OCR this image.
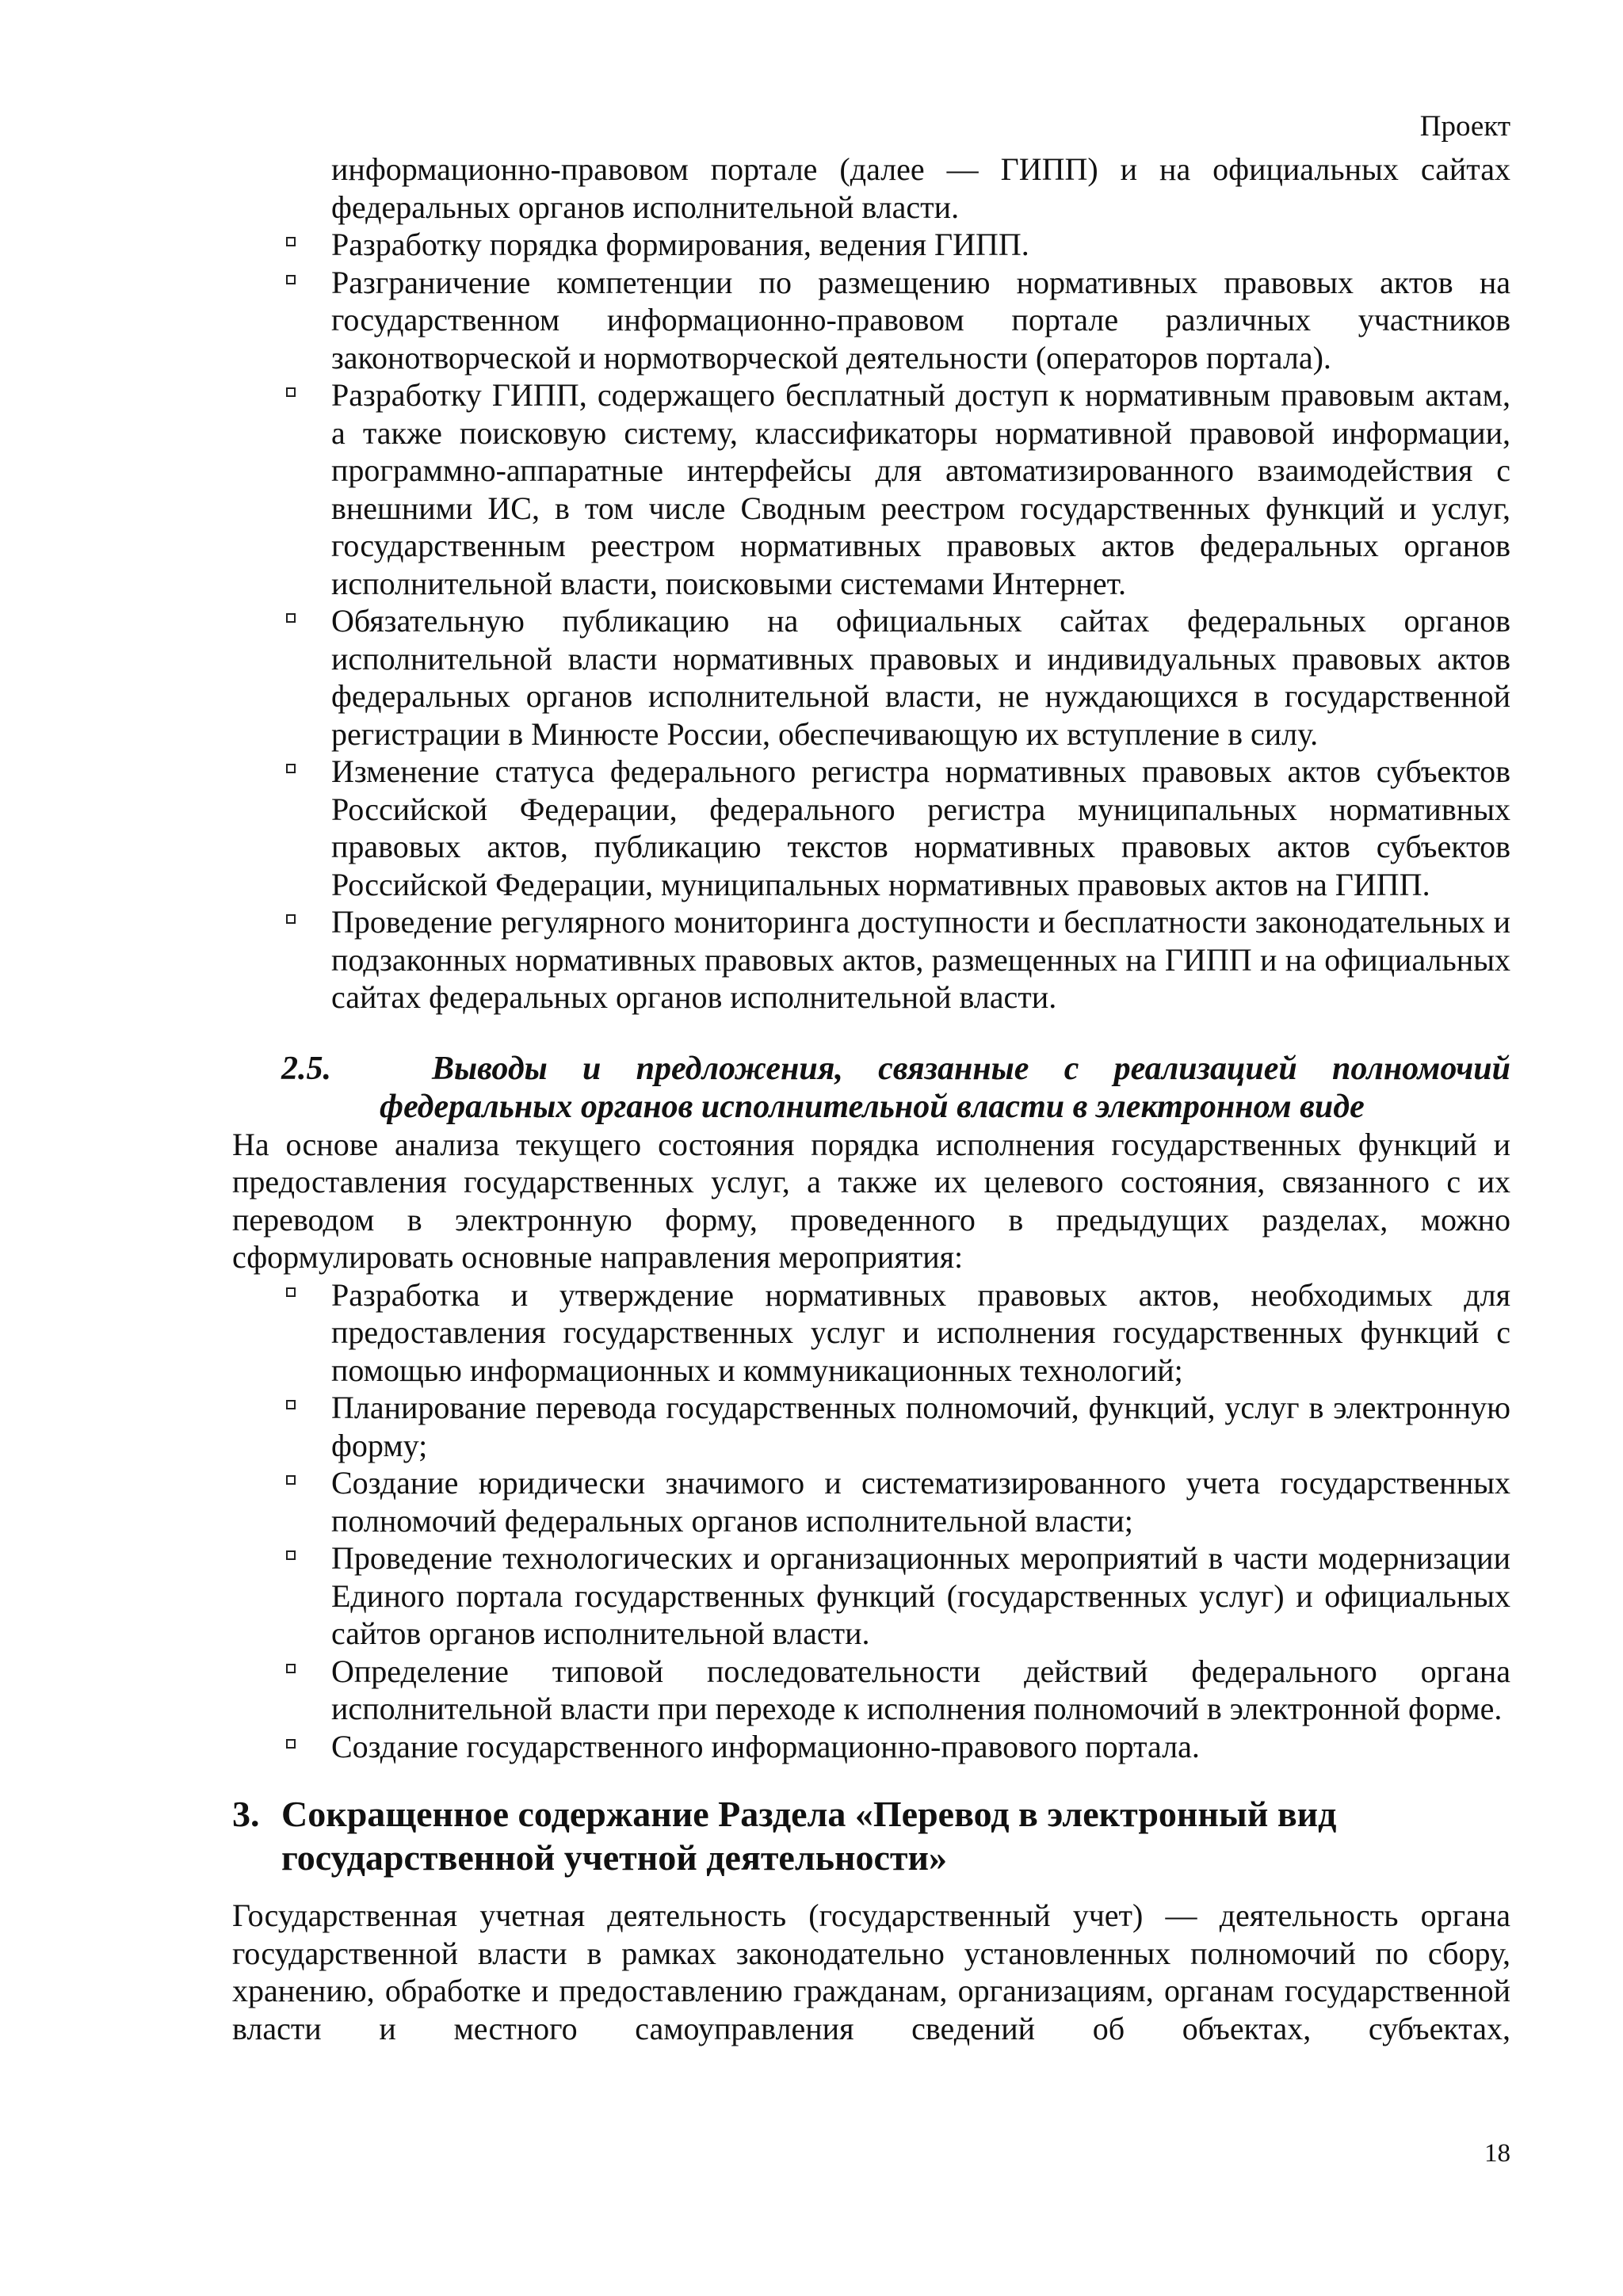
Проект
информационно-правовом портале (далее — ГИПП) и на официальных сайтах федеральных органов исполнительной власти.
Разработку порядка формирования, ведения ГИПП.
Разграничение компетенции по размещению нормативных правовых актов на государственном информационно-правовом портале различных участников законотворческой и нормотворческой деятельности (операторов портала).
Разработку ГИПП, содержащего бесплатный доступ к нормативным правовым актам, а также поисковую систему, классификаторы нормативной правовой информации, программно-аппаратные интерфейсы для автоматизированного взаимодействия с внешними ИС, в том числе Сводным реестром государственных функций и услуг, государственным реестром нормативных правовых актов федеральных органов исполнительной власти, поисковыми системами Интернет.
Обязательную публикацию на официальных сайтах федеральных органов исполнительной власти нормативных правовых и индивидуальных правовых актов федеральных органов исполнительной власти, не нуждающихся в государственной регистрации в Минюсте России, обеспечивающую их вступление в силу.
Изменение статуса федерального регистра нормативных правовых актов субъектов Российской Федерации, федерального регистра муниципальных нормативных правовых актов, публикацию текстов нормативных правовых актов субъектов Российской Федерации, муниципальных нормативных правовых актов на ГИПП.
Проведение регулярного мониторинга доступности и бесплатности законодательных и подзаконных нормативных правовых актов, размещенных на ГИПП и на официальных сайтах федеральных органов исполнительной власти.
2.5.	Выводы и предложения, связанные с реализацией полномочий
федеральных органов исполнительной власти в электронном виде
На основе анализа текущего состояния порядка исполнения государственных функций и предоставления государственных услуг, а также их целевого состояния, связанного с их переводом в электронную форму, проведенного в предыдущих разделах, можно сформулировать основные направления мероприятия:
Разработка и утверждение нормативных правовых актов, необходимых для предоставления государственных услуг и исполнения государственных функций с помощью информационных и коммуникационных технологий;
Планирование перевода государственных полномочий, функций, услуг в электронную форму;
Создание юридически значимого и систематизированного учета государственных полномочий федеральных органов исполнительной власти;
Проведение технологических и организационных мероприятий в части модернизации Единого портала государственных функций (государственных услуг) и официальных сайтов органов исполнительной власти.
Определение типовой последовательности действий федерального органа исполнительной власти при переходе к исполнения полномочий в электронной форме.
Создание государственного информационно-правового портала.
3. Сокращенное содержание Раздела «Перевод в электронный вид государственной учетной деятельности»
Государственная учетная деятельность (государственный учет) — деятельность органа государственной власти в рамках законодательно установленных полномочий по сбору, хранению, обработке и предоставлению гражданам, организациям, органам государственной власти и местного самоуправления сведений об объектах, субъектах,
18
